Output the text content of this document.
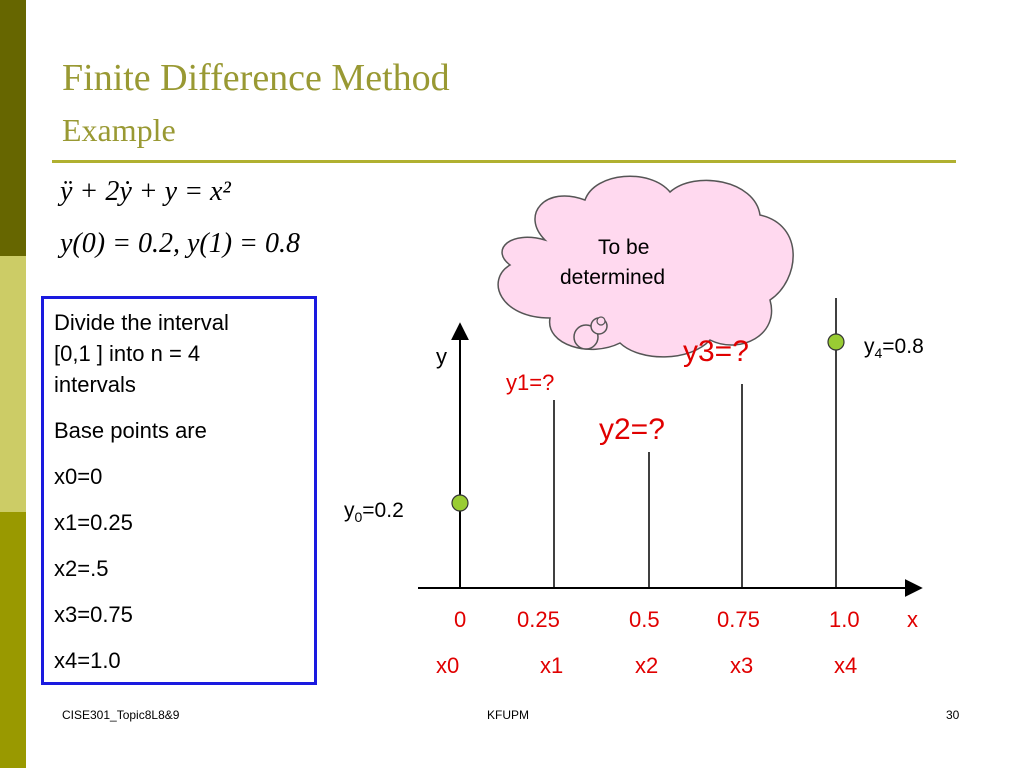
Finite Difference Method
Example
ÿ + 2ẏ + y = x²
y(0) = 0.2, y(1) = 0.8	To be
determined
y
x
$y_0=0.2$
$y_4=0.8$
y1=?
y2=?
y3=?
0 0.25	0.5	0.75	1.0
x0	x1	x2	x3	x4

Divide the interval

[0,1 ] into n = 4

intervals

Base points are

x0=0

x1=0.25

x2=.5

x3=0.75

x4=1.0

CISE301_Topic8L8&9	KFUPM	30
